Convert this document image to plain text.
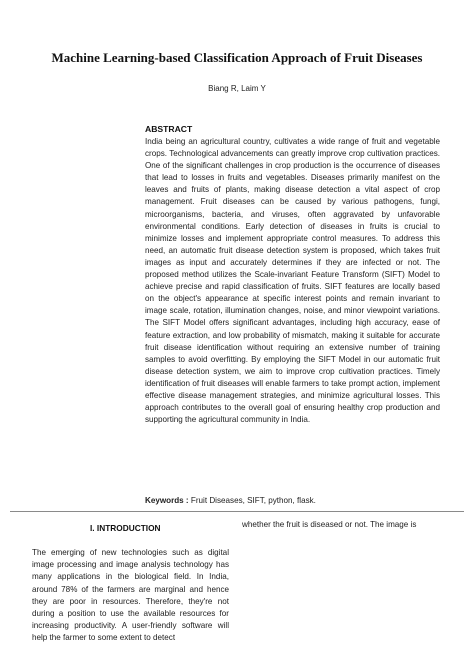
Machine Learning-based Classification Approach of Fruit Diseases
Biang R, Laim Y
ABSTRACT
India being an agricultural country, cultivates a wide range of fruit and vegetable crops. Technological advancements can greatly improve crop cultivation practices. One of the significant challenges in crop production is the occurrence of diseases that lead to losses in fruits and vegetables. Diseases primarily manifest on the leaves and fruits of plants, making disease detection a vital aspect of crop management. Fruit diseases can be caused by various pathogens, fungi, microorganisms, bacteria, and viruses, often aggravated by unfavorable environmental conditions. Early detection of diseases in fruits is crucial to minimize losses and implement appropriate control measures. To address this need, an automatic fruit disease detection system is proposed, which takes fruit images as input and accurately determines if they are infected or not. The proposed method utilizes the Scale-invariant Feature Transform (SIFT) Model to achieve precise and rapid classification of fruits. SIFT features are locally based on the object's appearance at specific interest points and remain invariant to image scale, rotation, illumination changes, noise, and minor viewpoint variations. The SIFT Model offers significant advantages, including high accuracy, ease of feature extraction, and low probability of mismatch, making it suitable for accurate fruit disease identification without requiring an extensive number of training samples to avoid overfitting. By employing the SIFT Model in our automatic fruit disease detection system, we aim to improve crop cultivation practices. Timely identification of fruit diseases will enable farmers to take prompt action, implement effective disease management strategies, and minimize agricultural losses. This approach contributes to the overall goal of ensuring healthy crop production and supporting the agricultural community in India.
Keywords : Fruit Diseases, SIFT, python, flask.
I. INTRODUCTION
The emerging of new technologies such as digital image processing and image analysis technology has many applications in the biological field. In India, around 78% of the farmers are marginal and hence they are poor in resources. Therefore, they're not during a position to use the available resources for increasing productivity. A user-friendly software will help the farmer to some extent to detect
whether the fruit is diseased or not. The image is
